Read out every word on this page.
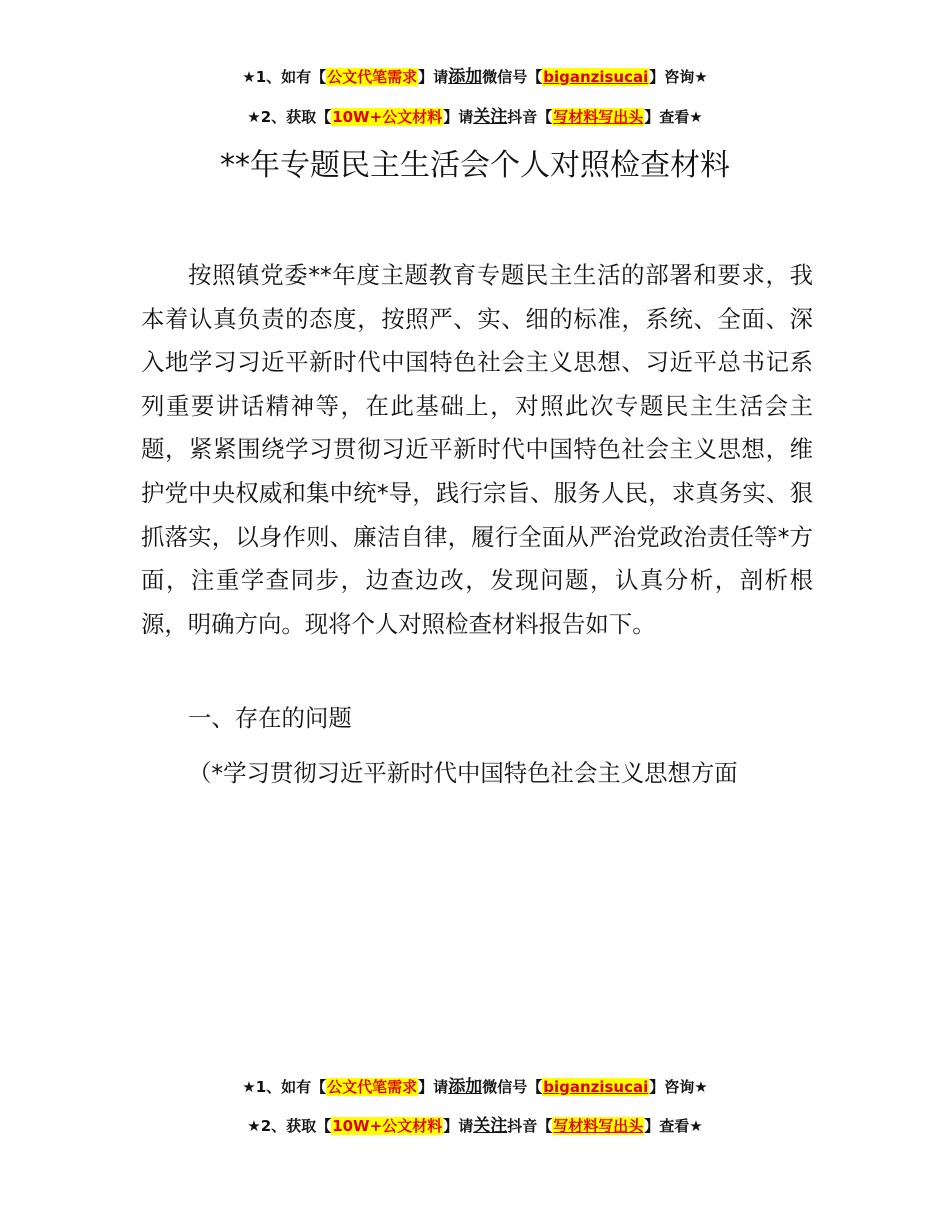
★1、如有【公文代笔需求】请添加微信号【biganzisucai】咨询★
★2、获取【10W+公文材料】请关注抖音【写材料写出头】查看★
**年专题民主生活会个人对照检查材料

按照镇党委**年度主题教育专题民主生活的部署和要求，我本着认真负责的态度，按照严、实、细的标准，系统、全面、深入地学习习近平新时代中国特色社会主义思想、习近平总书记系列重要讲话精神等，在此基础上，对照此次专题民主生活会主题，紧紧围绕学习贯彻习近平新时代中国特色社会主义思想，维护党中央权威和集中统*导，践行宗旨、服务人民，求真务实、狠抓落实，以身作则、廉洁自律，履行全面从严治党政治责任等*方面，注重学查同步，边查边改，发现问题，认真分析，剖析根源，明确方向。现将个人对照检查材料报告如下。

一、存在的问题

（*学习贯彻习近平新时代中国特色社会主义思想方面

★1、如有【公文代笔需求】请添加微信号【biganzisucai】咨询★
★2、获取【10W+公文材料】请关注抖音【写材料写出头】查看★
